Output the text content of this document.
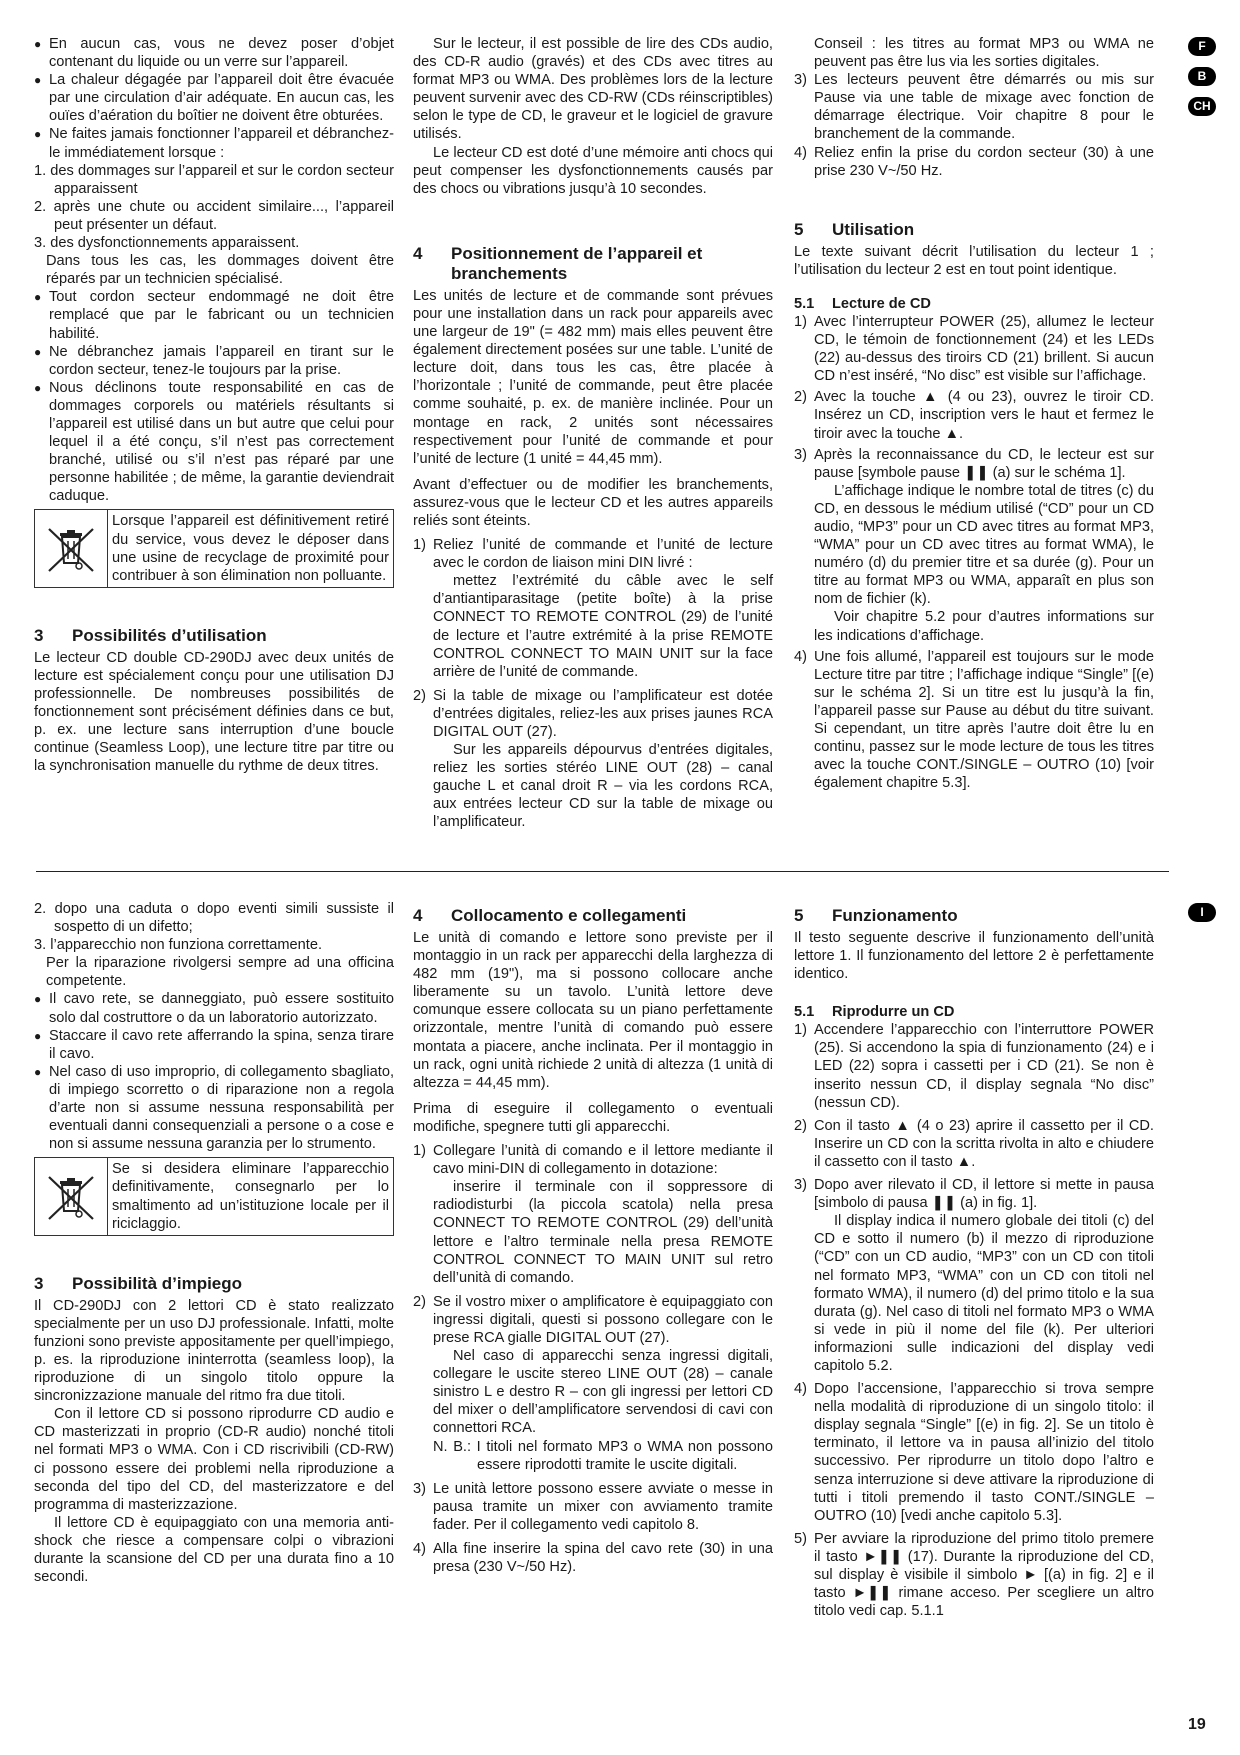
● En aucun cas, vous ne devez poser d’objet contenant du liquide ou un verre sur l’appareil.

● La chaleur dégagée par l’appareil doit être évacuée par une circulation d’air adéquate. En aucun cas, les ouïes d’aération du boîtier ne doivent être obturées.

● Ne faites jamais fonctionner l’appareil et débranchez-le immédiatement lorsque :

1. des dommages sur l’appareil et sur le cordon secteur apparaissent

2. après une chute ou accident similaire..., l’appareil peut présenter un défaut.

3. des dysfonctionnements apparaissent.

Dans tous les cas, les dommages doivent être réparés par un technicien spécialisé.

● Tout cordon secteur endommagé ne doit être remplacé que par le fabricant ou un technicien habilité.

● Ne débranchez jamais l’appareil en tirant sur le cordon secteur, tenez-le toujours par la prise.

● Nous déclinons toute responsabilité en cas de dommages corporels ou matériels résultants si l’appareil est utilisé dans un but autre que celui pour lequel il a été conçu, s’il n’est pas correctement branché, utilisé ou s’il n’est pas réparé par une personne habilitée ; de même, la garantie deviendrait caduque.

Lorsque l’appareil est définitivement retiré du service, vous devez le déposer dans une usine de recyclage de proximité pour contribuer à son élimination non polluante.
3	Possibilités d’utilisation

Le lecteur CD double CD-290DJ avec deux unités de lecture est spécialement conçu pour une utilisation DJ professionnelle. De nombreuses possibilités de fonctionnement sont précisément définies dans ce but, p. ex. une lecture sans interruption d’une boucle continue (Seamless Loop), une lecture titre par titre ou la synchronisation manuelle du rythme de deux titres.

Sur le lecteur, il est possible de lire des CDs audio, des CD-R audio (gravés) et des CDs avec titres au format MP3 ou WMA. Des problèmes lors de la lecture peuvent survenir avec des CD-RW (CDs réinscriptibles) selon le type de CD, le graveur et le logiciel de gravure utilisés.

Le lecteur CD est doté d’une mémoire anti chocs qui peut compenser les dysfonctionnements causés par des chocs ou vibrations jusqu’à 10 secondes.

4	Positionnement de l’appareil et branchements

Les unités de lecture et de commande sont prévues pour une installation dans un rack pour appareils avec une largeur de 19" (= 482 mm) mais elles peuvent être également directement posées sur une table. L’unité de lecture doit, dans tous les cas, être placée à l’horizontale ; l’unité de commande, peut être placée comme souhaité, p. ex. de manière inclinée. Pour un montage en rack, 2 unités sont nécessaires respectivement pour l’unité de commande et pour l’unité de lecture (1 unité = 44,45 mm).

Avant d’effectuer ou de modifier les branchements, assurez-vous que le lecteur CD et les autres appareils reliés sont éteints.

1) Reliez l’unité de commande et l’unité de lecture avec le cordon de liaison mini DIN livré :

mettez l’extrémité du câble avec le self d’antiantiparasitage (petite boîte) à la prise CONNECT TO REMOTE CONTROL (29) de l’unité de lecture et l’autre extrémité à la prise REMOTE CONTROL CONNECT TO MAIN UNIT sur la face arrière de l’unité de commande.

2) Si la table de mixage ou l’amplificateur est dotée d’entrées digitales, reliez-les aux prises jaunes RCA DIGITAL OUT (27).

Sur les appareils dépourvus d’entrées digitales, reliez les sorties stéréo LINE OUT (28) – canal gauche L et canal droit R – via les cordons RCA, aux entrées lecteur CD sur la table de mixage ou l’amplificateur.

Conseil : les titres au format MP3 ou WMA ne peuvent pas être lus via les sorties digitales.

3) Les lecteurs peuvent être démarrés ou mis sur Pause via une table de mixage avec fonction de démarrage électrique. Voir chapitre 8 pour le branchement de la commande.

4) Reliez enfin la prise du cordon secteur (30) à une prise 230 V~/50 Hz.

5	Utilisation

Le texte suivant décrit l’utilisation du lecteur 1 ; l’utilisation du lecteur 2 est en tout point identique.

5.1	Lecture de CD
1) Avec l’interrupteur POWER (25), allumez le lecteur CD, le témoin de fonctionnement (24) et les LEDs (22) au-dessus des tiroirs CD (21) brillent. Si aucun CD n’est inséré, “No disc” est visible sur l’affichage.

2) Avec la touche ▲ (4 ou 23), ouvrez le tiroir CD. Insérez un CD, inscription vers le haut et fermez le tiroir avec la touche ▲.

3) Après la reconnaissance du CD, le lecteur est sur pause [symbole pause ❚❚ (a) sur le schéma 1].

L’affichage indique le nombre total de titres (c) du CD, en dessous le médium utilisé (“CD” pour un CD audio, “MP3” pour un CD avec titres au format MP3, “WMA” pour un CD avec titres au format WMA), le numéro (d) du premier titre et sa durée (g). Pour un titre au format MP3 ou WMA, apparaît en plus son nom de fichier (k).

Voir chapitre 5.2 pour d’autres informations sur les indications d’affichage.

4) Une fois allumé, l’appareil est toujours sur le mode Lecture titre par titre ; l’affichage indique “Single” [(e) sur le schéma 2]. Si un titre est lu jusqu’à la fin, l’appareil passe sur Pause au début du titre suivant. Si cependant, un titre après l’autre doit être lu en continu, passez sur le mode lecture de tous les titres avec la touche CONT./SINGLE – OUTRO (10) [voir également chapitre 5.3].

F
B
CH
I

2. dopo una caduta o dopo eventi simili sussiste il sospetto di un difetto;

3. l’apparecchio non funziona correttamente.

Per la riparazione rivolgersi sempre ad una officina competente.

● Il cavo rete, se danneggiato, può essere sostituito solo dal costruttore o da un laboratorio autorizzato.

● Staccare il cavo rete afferrando la spina, senza tirare il cavo.

● Nel caso di uso improprio, di collegamento sbagliato, di impiego scorretto o di riparazione non a regola d’arte non si assume nessuna responsabilità per eventuali danni consequenziali a persone o a cose e non si assume nessuna garanzia per lo strumento.

Se si desidera eliminare l’apparecchio definitivamente, consegnarlo per lo smaltimento ad un’istituzione locale per il riciclaggio.
3	Possibilità d’impiego

Il CD-290DJ con 2 lettori CD è stato realizzato specialmente per un uso DJ professionale. Infatti, molte funzioni sono previste appositamente per quell’impiego, p. es. la riproduzione ininterrotta (seamless loop), la riproduzione di un singolo titolo oppure la sincronizzazione manuale del ritmo fra due titoli.

Con il lettore CD si possono riprodurre CD audio e CD masterizzati in proprio (CD-R audio) nonché titoli nel formati MP3 o WMA. Con i CD riscrivibili (CD-RW) ci possono essere dei problemi nella riproduzione a seconda del tipo del CD, del masterizzatore e del programma di masterizzazione.

Il lettore CD è equipaggiato con una memoria anti-shock che riesce a compensare colpi o vibrazioni durante la scansione del CD per una durata fino a 10 secondi.

4	Collocamento e collegamenti

Le unità di comando e lettore sono previste per il montaggio in un rack per apparecchi della larghezza di 482 mm (19"), ma si possono collocare anche liberamente su un tavolo. L’unità lettore deve comunque essere collocata su un piano perfettamente orizzontale, mentre l’unità di comando può essere montata a piacere, anche inclinata. Per il montaggio in un rack, ogni unità richiede 2 unità di altezza (1 unità di altezza = 44,45 mm).

Prima di eseguire il collegamento o eventuali modifiche, spegnere tutti gli apparecchi.

1) Collegare l’unità di comando e il lettore mediante il cavo mini-DIN di collegamento in dotazione:

inserire il terminale con il soppressore di radiodisturbi (la piccola scatola) nella presa CONNECT TO REMOTE CONTROL (29) dell’unità lettore e l’altro terminale nella presa REMOTE CONTROL CONNECT TO MAIN UNIT sul retro dell’unità di comando.

2) Se il vostro mixer o amplificatore è equipaggiato con ingressi digitali, questi si possono collegare con le prese RCA gialle DIGITAL OUT (27).

Nel caso di apparecchi senza ingressi digitali, collegare le uscite stereo LINE OUT (28) – canale sinistro L e destro R – con gli ingressi per lettori CD del mixer o dell’amplificatore servendosi di cavi con connettori RCA.

N. B.: I titoli nel formato MP3 o WMA non possono essere riprodotti tramite le uscite digitali.

3) Le unità lettore possono essere avviate o messe in pausa tramite un mixer con avviamento tramite fader. Per il collegamento vedi capitolo 8.

4) Alla fine inserire la spina del cavo rete (30) in una presa (230 V~/50 Hz).

5	Funzionamento

Il testo seguente descrive il funzionamento dell’unità lettore 1. Il funzionamento del lettore 2 è perfettamente identico.

5.1	Riprodurre un CD
1) Accendere l’apparecchio con l’interruttore POWER (25). Si accendono la spia di funzionamento (24) e i LED (22) sopra i cassetti per i CD (21). Se non è inserito nessun CD, il display segnala “No disc” (nessun CD).

2) Con il tasto ▲ (4 o 23) aprire il cassetto per il CD. Inserire un CD con la scritta rivolta in alto e chiudere il cassetto con il tasto ▲.

3) Dopo aver rilevato il CD, il lettore si mette in pausa [simbolo di pausa ❚❚ (a) in fig. 1].

Il display indica il numero globale dei titoli (c) del CD e sotto il numero (b) il mezzo di riproduzione (“CD” con un CD audio, “MP3” con un CD con titoli nel formato MP3, “WMA” con un CD con titoli nel formato WMA), il numero (d) del primo titolo e la sua durata (g). Nel caso di titoli nel formato MP3 o WMA si vede in più il nome del file (k). Per ulteriori informazioni sulle indicazioni del display vedi capitolo 5.2.

4) Dopo l’accensione, l’apparecchio si trova sempre nella modalità di riproduzione di un singolo titolo: il display segnala “Single” [(e) in fig. 2]. Se un titolo è terminato, il lettore va in pausa all’inizio del titolo successivo. Per riprodurre un titolo dopo l’altro e senza interruzione si deve attivare la riproduzione di tutti i titoli premendo il tasto CONT./SINGLE – OUTRO (10) [vedi anche capitolo 5.3].

5) Per avviare la riproduzione del primo titolo premere il tasto ►❚❚ (17). Durante la riproduzione del CD, sul display è visibile il simbolo ► [(a) in fig. 2] e il tasto ►❚❚ rimane acceso. Per scegliere un altro titolo vedi cap. 5.1.1

19
